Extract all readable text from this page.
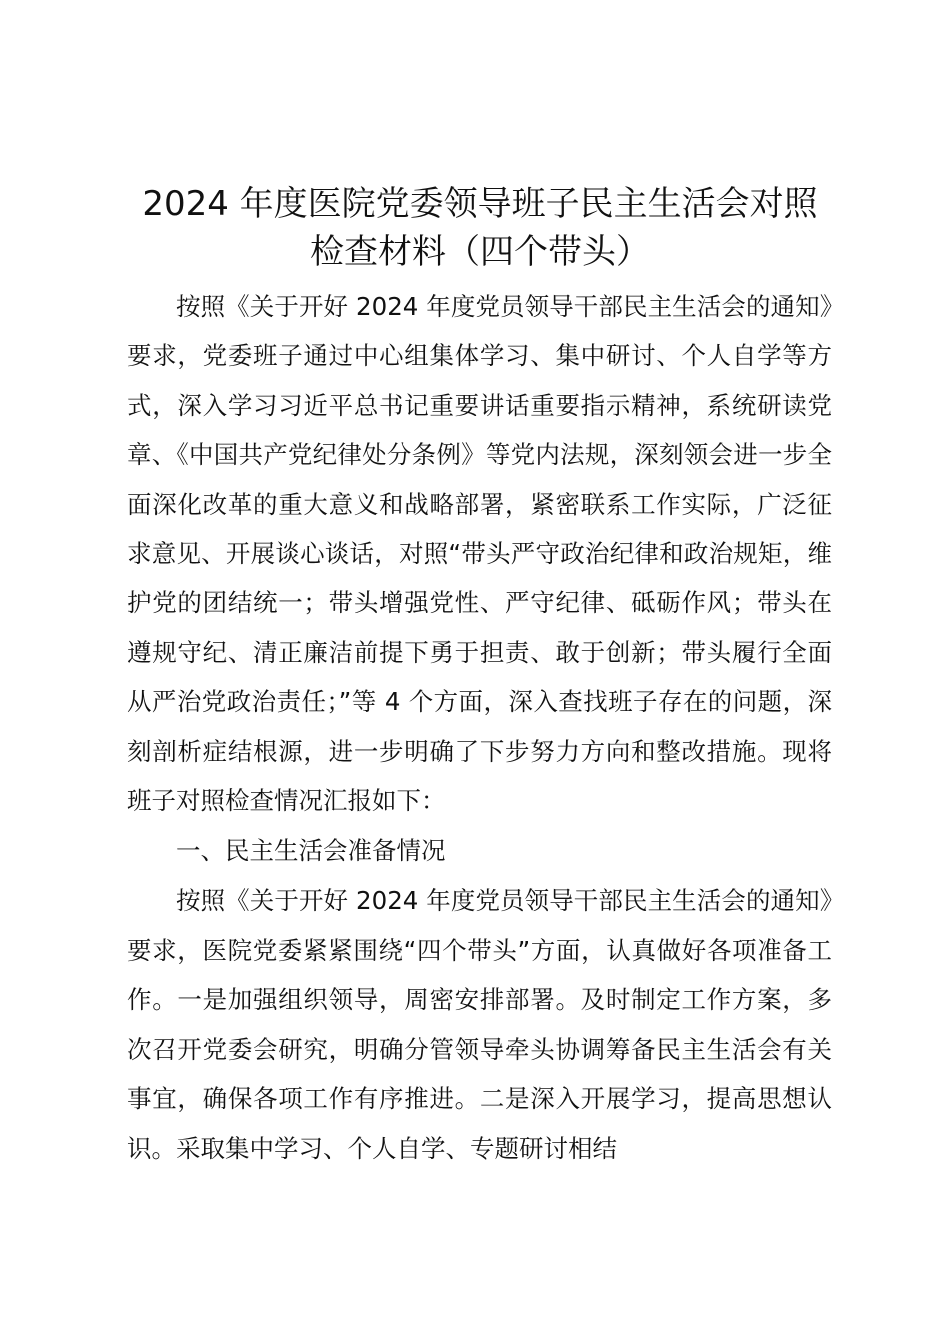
2024 年度医院党委领导班子民主生活会对照
检查材料（四个带头）

按照《关于开好 2024 年度党员领导干部民主生活会的通知》要求，党委班子通过中心组集体学习、集中研讨、个人自学等方式，深入学习习近平总书记重要讲话重要指示精神，系统研读党章、《中国共产党纪律处分条例》等党内法规，深刻领会进一步全面深化改革的重大意义和战略部署，紧密联系工作实际，广泛征求意见、开展谈心谈话，对照“带头严守政治纪律和政治规矩，维护党的团结统一；带头增强党性、严守纪律、砥砺作风；带头在遵规守纪、清正廉洁前提下勇于担责、敢于创新；带头履行全面从严治党政治责任；”等 4 个方面，深入查找班子存在的问题，深刻剖析症结根源，进一步明确了下步努力方向和整改措施。现将班子对照检查情况汇报如下：

一、民主生活会准备情况

按照《关于开好 2024 年度党员领导干部民主生活会的通知》要求，医院党委紧紧围绕“四个带头”方面，认真做好各项准备工作。一是加强组织领导，周密安排部署。及时制定工作方案，多次召开党委会研究，明确分管领导牵头协调筹备民主生活会有关事宜，确保各项工作有序推进。二是深入开展学习，提高思想认识。采取集中学习、个人自学、专题研讨相结
